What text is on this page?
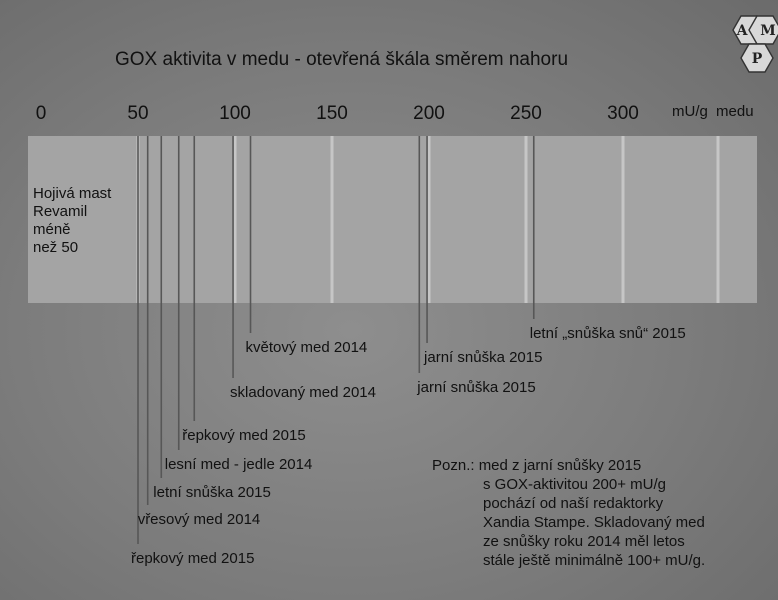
A M
P
GOX aktivita v medu - otevřená škála směrem nahoru
0	50	100	150	200	250	300 mU/g medu
Hojivá mast Revamil méně než 50
řepkový med 2015
vřesový med 2014
letní snůška 2015
lesní med - jedle 2014
řepkový med 2015
skladovaný med 2014
květový med 2014
jarní snůška 2015
jarní snůška 2015
letní „snůška snů“ 2015
Pozn.: med z jarní snůšky 2015 s GOX-aktivitou 200+ mU/g pochází od naší redaktorky Xandia Stampe. Skladovaný med ze snůšky roku 2014 měl letos stále ještě minimálně 100+ mU/g.
